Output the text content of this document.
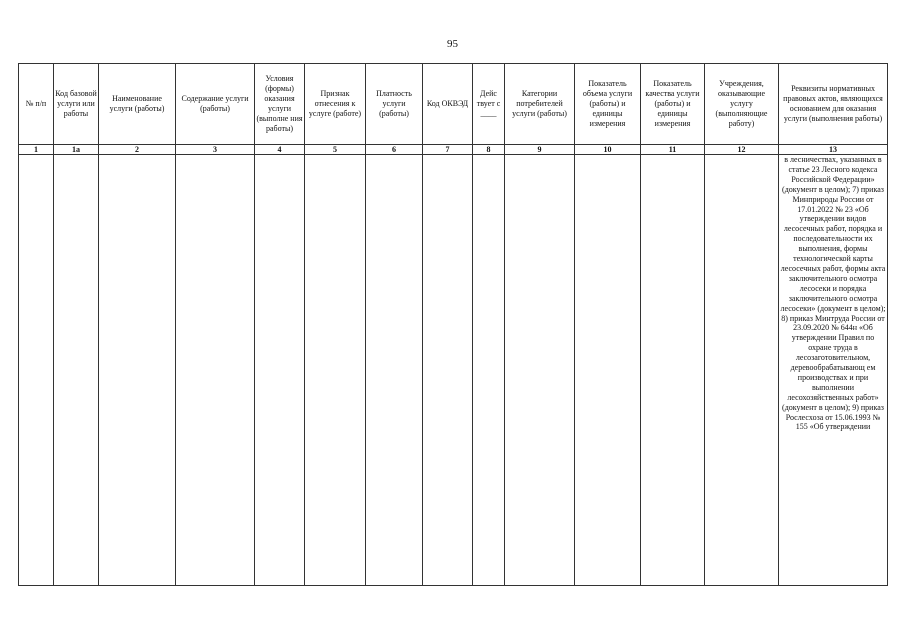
95
№ п/п	Код базовой услуги или работы	Наименование услуги (работы)	Содержание услуги (работы)	Условия (формы) оказания услуги (выполне ния работы)	Признак отнесения к услуге (работе)	Платность услуги (работы)	Код ОКВЭД	Дейс твует с ____	Категории потребителей услуги (работы)	Показатель объема услуги (работы) и единицы измерения	Показатель качества услуги (работы) и единицы измерения	Учреждения, оказывающие услугу (выполняющие работу)	Реквизиты нормативных правовых актов, являющихся основанием для оказания услуги (выполнения работы)
1	1а	2	3	4	5	6	7	8	9	10	11	12	13

													в лесничествах, указанных в статье 23 Лесного кодекса Российской Федерации» (документ в целом); 7) приказ Минприроды России от 17.01.2022 № 23 «Об утверждении видов лесосечных работ, порядка и последовательности их выполнения, формы технологической карты лесосечных работ, формы акта заключительного осмотра лесосеки и порядка заключительного осмотра лесосеки» (документ в целом); 8) приказ Минтруда России от 23.09.2020 № 644н «Об утверждении Правил по охране труда в лесозаготовительном, деревообрабатывающ ем производствах и при выполнении лесохозяйственных работ» (документ в целом); 9) приказ Рослесхоза от 15.06.1993 № 155 «Об утверждении
